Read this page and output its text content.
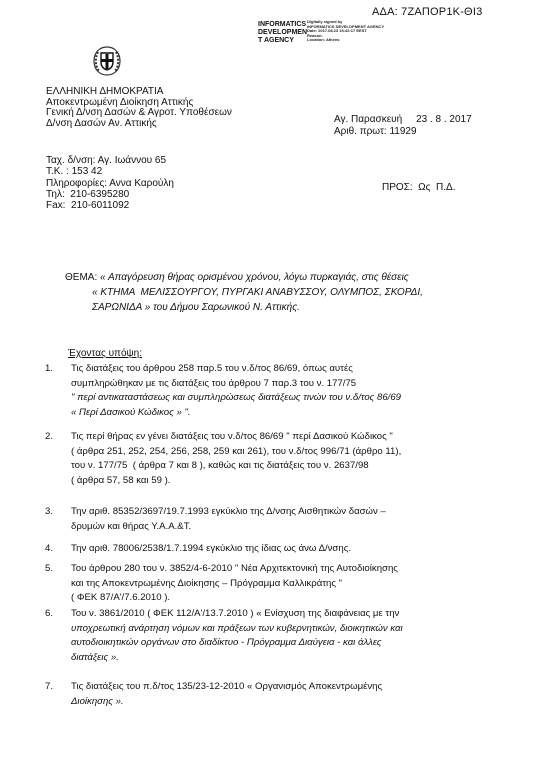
ΑΔΑ: 7ΖΑΠΟΡ1Κ-ΘΙ3
INFORMATICS
DEVELOPMEN
T AGENCY
Digitally signed by
INFORMATICS DEVELOPMENT AGENCY
Date: 2017.08.23 15:42:17 EEST
Reason:
Location: Athens
ΕΛΛΗΝΙΚΗ ΔΗΜΟΚΡΑΤΙΑ
Αποκεντρωμένη Διοίκηση Αττικής
Γενική Δ/νση Δασών & Αγροτ. Υποθέσεων
Δ/νση Δασών Αν. Αττικής	Αγ. Παρασκευή     23 . 8 . 2017
Αριθ. πρωτ: 11929
Ταχ. δ/νση: Αγ. Ιωάννου 65
Τ.Κ. : 153 42
Πληροφορίες: Αννα Καρούλη
Τηλ:  210-6395280
Fax:  210-6011092
ΠΡΟΣ:  Ως  Π.Δ.
ΘΕΜΑ: « Απαγόρευση θήρας ορισμένου χρόνου, λόγω πυρκαγιάς, στις θέσεις
« ΚΤΗΜΑ  ΜΕΛΙΣΣΟΥΡΓΟΥ, ΠΥΡΓΑΚΙ ΑΝΑΒΥΣΣΟΥ, ΟΛΥΜΠΟΣ, ΣΚΟΡΔΙ,
ΣΑΡΩΝΙΔΑ » του Δήμου Σαρωνικού Ν. Αττικής.
Έχοντας υπόψη:
1. Τις διατάξεις του άρθρου 258 παρ.5 του ν.δ/τος 86/69, όπως αυτές
συμπληρώθηκαν με τις διατάξεις του άρθρου 7 παρ.3 του ν. 177/75
" περί αντικαταστάσεως και συμπληρώσεως διατάξεως τινών του ν.δ/τος 86/69
« Περί Δασικού Κώδικος » ".
2. Τις περί θήρας εν γένει διατάξεις του ν.δ/τος 86/69 " περί Δασικού Κώδικος "
( άρθρα 251, 252, 254, 256, 258, 259 και 261), του ν.δ/τος 996/71 (άρθρο 11),
του ν. 177/75  ( άρθρα 7 και 8 ), καθώς και τις διατάξεις του ν. 2637/98
( άρθρα 57, 58 και 59 ).
3. Την αριθ. 85352/3697/19.7.1993 εγκύκλιο της Δ/νσης Αισθητικών δασών –
δρυμών και θήρας Υ.Α.Α.&Τ.
4. Την αριθ. 78006/2538/1.7.1994 εγκύκλιο της ίδιας ως άνω Δ/νσης.
5. Του άρθρου 280 του ν. 3852/4-6-2010 " Νέα Αρχιτεκτονική της Αυτοδιοίκησης
και της Αποκεντρωμένης Διοίκησης – Πρόγραμμα Καλλικράτης "
( ΦΕΚ 87/Α'/7.6.2010 ).
6. Του ν. 3861/2010 ( ΦΕΚ 112/Α'/13.7.2010 ) « Ενίσχυση της διαφάνειας με την
υποχρεωτική ανάρτηση νόμων και πράξεων των κυβερνητικών, διοικητικών και
αυτοδιοικητικών οργάνων στο διαδίκτυο - Πρόγραμμα Διαύγεια - και άλλες
διατάξεις ».
7. Τις διατάξεις του π.δ/τος 135/23-12-2010 « Οργανισμός Αποκεντρωμένης
Διοίκησης ».
